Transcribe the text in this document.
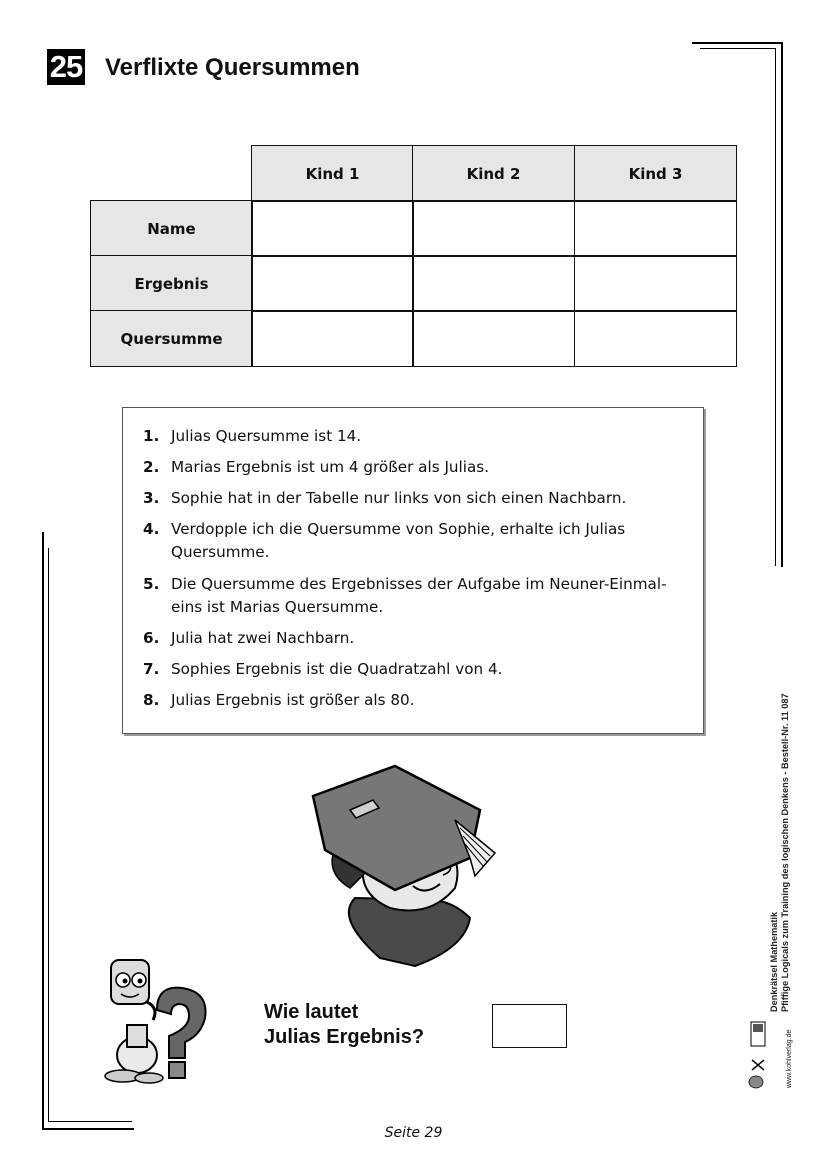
25 Verflixte Quersummen
Kind 1	Kind 2	Kind 3
Name
Ergebnis
Quersumme
1. Julias Quersumme ist 14.
2. Marias Ergebnis ist um 4 größer als Julias.
3. Sophie hat in der Tabelle nur links von sich einen Nachbarn.
4. Verdopple ich die Quersumme von Sophie, erhalte ich Julias Quersumme.
5. Die Quersumme des Ergebnisses der Aufgabe im Neuner-Einmal-eins ist Marias Quersumme.
6. Julia hat zwei Nachbarn.
7. Sophies Ergebnis ist die Quadratzahl von 4.
8. Julias Ergebnis ist größer als 80.
Wie lautet
Julias Ergebnis?
Seite 29
Denkrätsel Mathematik Pfiffige Logicals zum Training des logischen Denkens - Bestell-Nr. 11 087
www.kohlverlag.de
